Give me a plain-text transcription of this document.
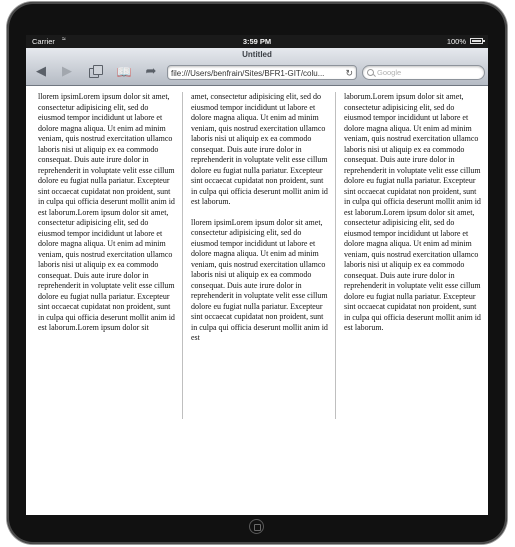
Carrier ≈	3:59 PM	100%
Untitled
◀	▶	📖 ➦	file:///Users/benfrain/Sites/BFR1-GIT/colu... ↻	Google

llorem ipsimLorem ipsum dolor sit amet, consectetur adipisicing elit, sed do eiusmod tempor incididunt ut labore et dolore magna aliqua. Ut enim ad minim veniam, quis nostrud exercitation ullamco laboris nisi ut aliquip ex ea commodo consequat. Duis aute irure dolor in reprehenderit in voluptate velit esse cillum dolore eu fugiat nulla pariatur. Excepteur sint occaecat cupidatat non proident, sunt in culpa qui officia deserunt mollit anim id est laborum.Lorem ipsum dolor sit amet, consectetur adipisicing elit, sed do eiusmod tempor incididunt ut labore et dolore magna aliqua. Ut enim ad minim veniam, quis nostrud exercitation ullamco laboris nisi ut aliquip ex ea commodo consequat. Duis aute irure dolor in reprehenderit in voluptate velit esse cillum dolore eu fugiat nulla pariatur. Excepteur sint occaecat cupidatat non proident, sunt in culpa qui officia deserunt mollit anim id est laborum.Lorem ipsum dolor sit

amet, consectetur adipisicing elit, sed do eiusmod tempor incididunt ut labore et dolore magna aliqua. Ut enim ad minim veniam, quis nostrud exercitation ullamco laboris nisi ut aliquip ex ea commodo consequat. Duis aute irure dolor in reprehenderit in voluptate velit esse cillum dolore eu fugiat nulla pariatur. Excepteur sint occaecat cupidatat non proident, sunt in culpa qui officia deserunt mollit anim id est laborum.

llorem ipsimLorem ipsum dolor sit amet, consectetur adipisicing elit, sed do eiusmod tempor incididunt ut labore et dolore magna aliqua. Ut enim ad minim veniam, quis nostrud exercitation ullamco laboris nisi ut aliquip ex ea commodo consequat. Duis aute irure dolor in reprehenderit in voluptate velit esse cillum dolore eu fugiat nulla pariatur. Excepteur sint occaecat cupidatat non proident, sunt in culpa qui officia deserunt mollit anim id est

laborum.Lorem ipsum dolor sit amet, consectetur adipisicing elit, sed do eiusmod tempor incididunt ut labore et dolore magna aliqua. Ut enim ad minim veniam, quis nostrud exercitation ullamco laboris nisi ut aliquip ex ea commodo consequat. Duis aute irure dolor in reprehenderit in voluptate velit esse cillum dolore eu fugiat nulla pariatur. Excepteur sint occaecat cupidatat non proident, sunt in culpa qui officia deserunt mollit anim id est laborum.Lorem ipsum dolor sit amet, consectetur adipisicing elit, sed do eiusmod tempor incididunt ut labore et dolore magna aliqua. Ut enim ad minim veniam, quis nostrud exercitation ullamco laboris nisi ut aliquip ex ea commodo consequat. Duis aute irure dolor in reprehenderit in voluptate velit esse cillum dolore eu fugiat nulla pariatur. Excepteur sint occaecat cupidatat non proident, sunt in culpa qui officia deserunt mollit anim id est laborum.
